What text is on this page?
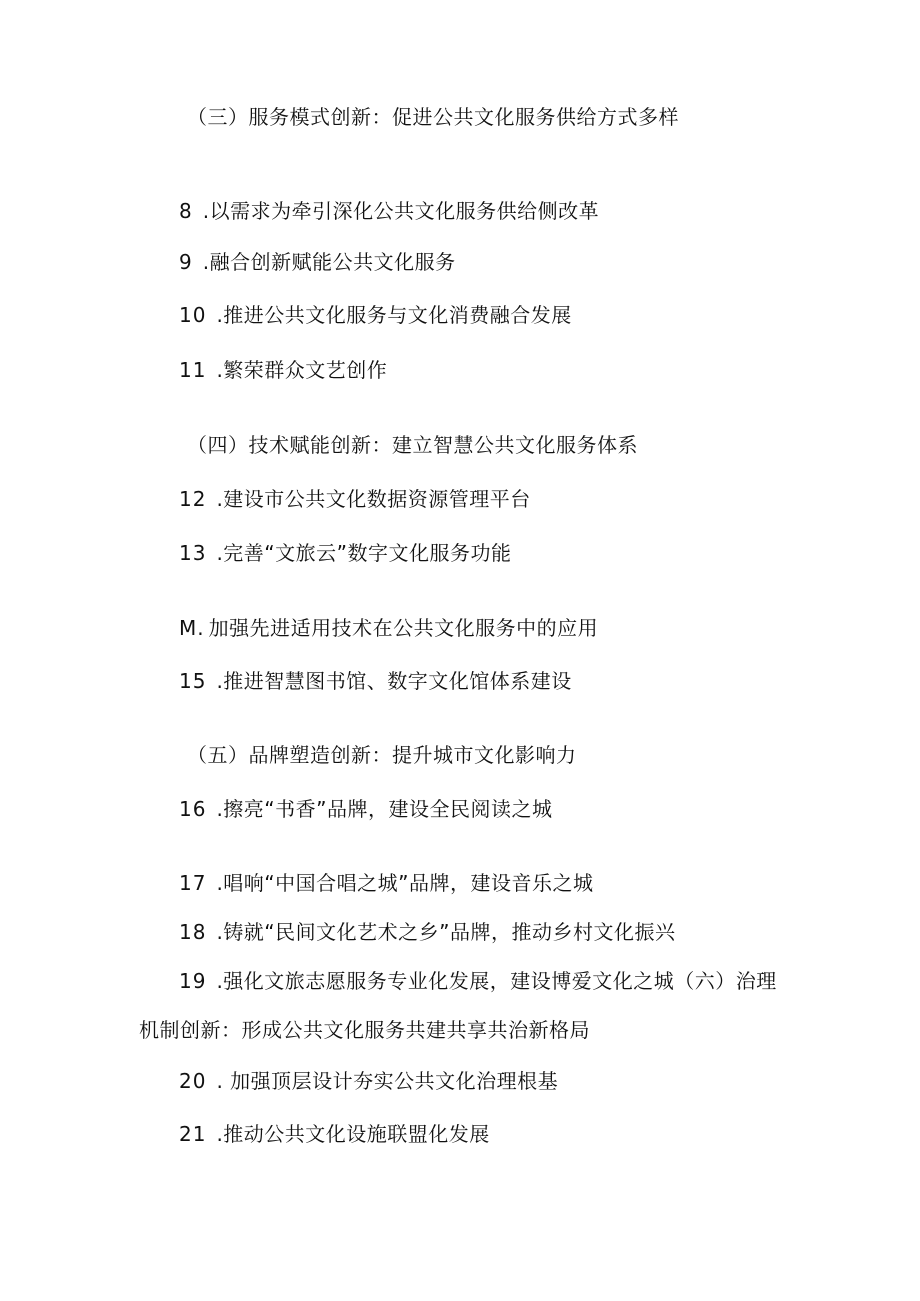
（三）服务模式创新：促进公共文化服务供给方式多样
8 .以需求为牵引深化公共文化服务供给侧改革
9 .融合创新赋能公共文化服务
10 .推进公共文化服务与文化消费融合发展
11 .繁荣群众文艺创作
（四）技术赋能创新：建立智慧公共文化服务体系
12 .建设市公共文化数据资源管理平台
13 .完善“文旅云”数字文化服务功能
M. 加强先进适用技术在公共文化服务中的应用
15 .推进智慧图书馆、数字文化馆体系建设
（五）品牌塑造创新：提升城市文化影响力
16 .擦亮“书香”品牌，建设全民阅读之城
17 .唱响“中国合唱之城”品牌，建设音乐之城
18 .铸就“民间文化艺术之乡”品牌，推动乡村文化振兴
19 .强化文旅志愿服务专业化发展，建设博爱文化之城（六）治理
机制创新：形成公共文化服务共建共享共治新格局
20 . 加强顶层设计夯实公共文化治理根基
21 .推动公共文化设施联盟化发展
